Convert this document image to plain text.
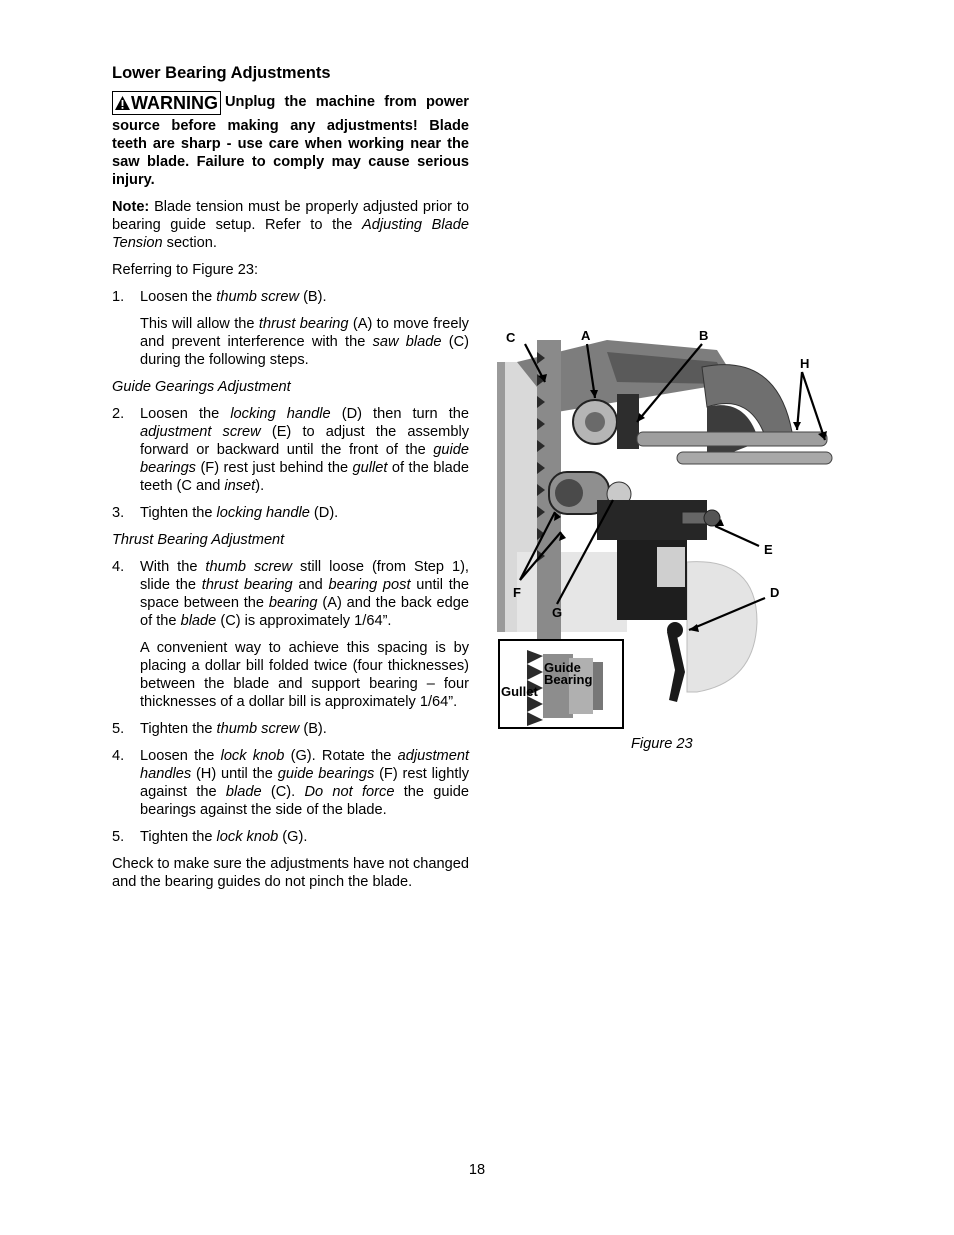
Lower Bearing Adjustments

WARNING Unplug the machine from power source before making any adjustments! Blade teeth are sharp - use care when working near the saw blade. Failure to comply may cause serious injury.

Note: Blade tension must be properly adjusted prior to bearing guide setup. Refer to the Adjusting Blade Tension section.

Referring to Figure 23:

1.	Loosen the thumb screw (B).
This will allow the thrust bearing (A) to move freely and prevent interference with the saw blade (C) during the following steps.
Guide Gearings Adjustment
2.	Loosen the locking handle (D) then turn the adjustment screw (E) to adjust the assembly forward or backward until the front of the guide bearings (F) rest just behind the gullet of the blade teeth (C and inset).
3.	Tighten the locking handle (D).
Thrust Bearing Adjustment
4.	With the thumb screw still loose (from Step 1), slide the thrust bearing and bearing post until the space between the bearing (A) and the back edge of the blade (C) is approximately 1/64”.
A convenient way to achieve this spacing is by placing a dollar bill folded twice (four thicknesses) between the blade and support bearing – four thicknesses of a dollar bill is approximately 1/64”.
5.	Tighten the thumb screw (B).
4.	Loosen the lock knob (G). Rotate the adjustment handles (H) until the guide bearings (F) rest lightly against the blade (C). Do not force the guide bearings against the side of the blade.
5.	Tighten the lock knob (G).

Check to make sure the adjustments have not changed and the bearing guides do not pinch the blade.

C	A	B
H
E
F
G
D
Guide
Bearing
Gullet
Figure 23
18
